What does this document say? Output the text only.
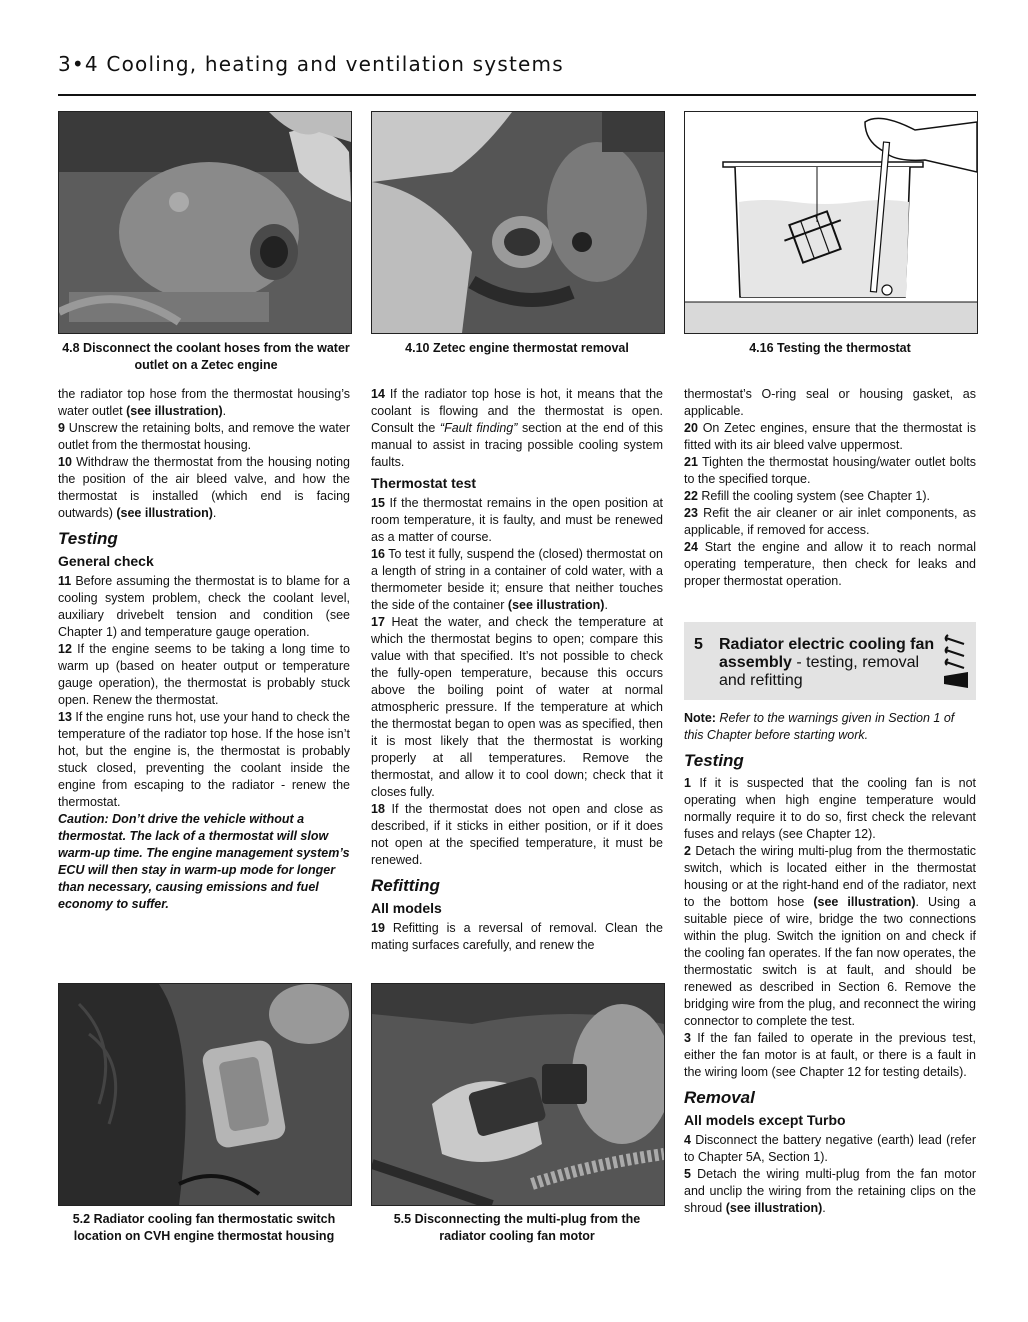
3•4 Cooling, heating and ventilation systems
4.8 Disconnect the coolant hoses from the water outlet on a Zetec engine
4.10 Zetec engine thermostat removal	4.16 Testing the thermostat

the radiator top hose from the thermostat housing’s water outlet (see illustration).

9 Unscrew the retaining bolts, and remove the water outlet from the thermostat housing.

10 Withdraw the thermostat from the housing noting the position of the air bleed valve, and how the thermostat is installed (which end is facing outwards) (see illustration).

Testing
General check

11 Before assuming the thermostat is to blame for a cooling system problem, check the coolant level, auxiliary drivebelt tension and condition (see Chapter 1) and temperature gauge operation.

12 If the engine seems to be taking a long time to warm up (based on heater output or temperature gauge operation), the thermostat is probably stuck open. Renew the thermostat.

13 If the engine runs hot, use your hand to check the temperature of the radiator top hose. If the hose isn’t hot, but the engine is, the thermostat is probably stuck closed, preventing the coolant inside the engine from escaping to the radiator - renew the thermostat.

Caution: Don’t drive the vehicle without a thermostat. The lack of a thermostat will slow warm-up time. The engine management system’s ECU will then stay in warm-up mode for longer than necessary, causing emissions and fuel economy to suffer.

14 If the radiator top hose is hot, it means that the coolant is flowing and the thermostat is open. Consult the “Fault finding” section at the end of this manual to assist in tracing possible cooling system faults.

Thermostat test

15 If the thermostat remains in the open position at room temperature, it is faulty, and must be renewed as a matter of course.

16 To test it fully, suspend the (closed) thermostat on a length of string in a container of cold water, with a thermometer beside it; ensure that neither touches the side of the container (see illustration).

17 Heat the water, and check the temperature at which the thermostat begins to open; compare this value with that specified. It’s not possible to check the fully-open temperature, because this occurs above the boiling point of water at normal atmospheric pressure. If the temperature at which the thermostat began to open was as specified, then it is most likely that the thermostat is working properly at all temperatures. Remove the thermostat, and allow it to cool down; check that it closes fully.

18 If the thermostat does not open and close as described, if it sticks in either position, or if it does not open at the specified temperature, it must be renewed.

Refitting
All models

19 Refitting is a reversal of removal. Clean the mating surfaces carefully, and renew the

thermostat’s O-ring seal or housing gasket, as applicable.

20 On Zetec engines, ensure that the thermostat is fitted with its air bleed valve uppermost.

21 Tighten the thermostat housing/water outlet bolts to the specified torque.

22 Refill the cooling system (see Chapter 1).

23 Refit the air cleaner or air inlet components, as applicable, if removed for access.

24 Start the engine and allow it to reach normal operating temperature, then check for leaks and proper thermostat operation.

5 Radiator electric cooling fan assembly - testing, removal and refitting

Note: Refer to the warnings given in Section 1 of this Chapter before starting work.

Testing

1 If it is suspected that the cooling fan is not operating when high engine temperature would normally require it to do so, first check the relevant fuses and relays (see Chapter 12).

2 Detach the wiring multi-plug from the thermostatic switch, which is located either in the thermostat housing or at the right-hand end of the radiator, next to the bottom hose (see illustration). Using a suitable piece of wire, bridge the two connections within the plug. Switch the ignition on and check if the cooling fan operates. If the fan now operates, the thermostatic switch is at fault, and should be renewed as described in Section 6. Remove the bridging wire from the plug, and reconnect the wiring connector to complete the test.

3 If the fan failed to operate in the previous test, either the fan motor is at fault, or there is a fault in the wiring loom (see Chapter 12 for testing details).

Removal
All models except Turbo

4 Disconnect the battery negative (earth) lead (refer to Chapter 5A, Section 1).

5 Detach the wiring multi-plug from the fan motor and unclip the wiring from the retaining clips on the shroud (see illustration).

5.2 Radiator cooling fan thermostatic switch location on CVH engine thermostat housing
5.5 Disconnecting the multi-plug from the radiator cooling fan motor
